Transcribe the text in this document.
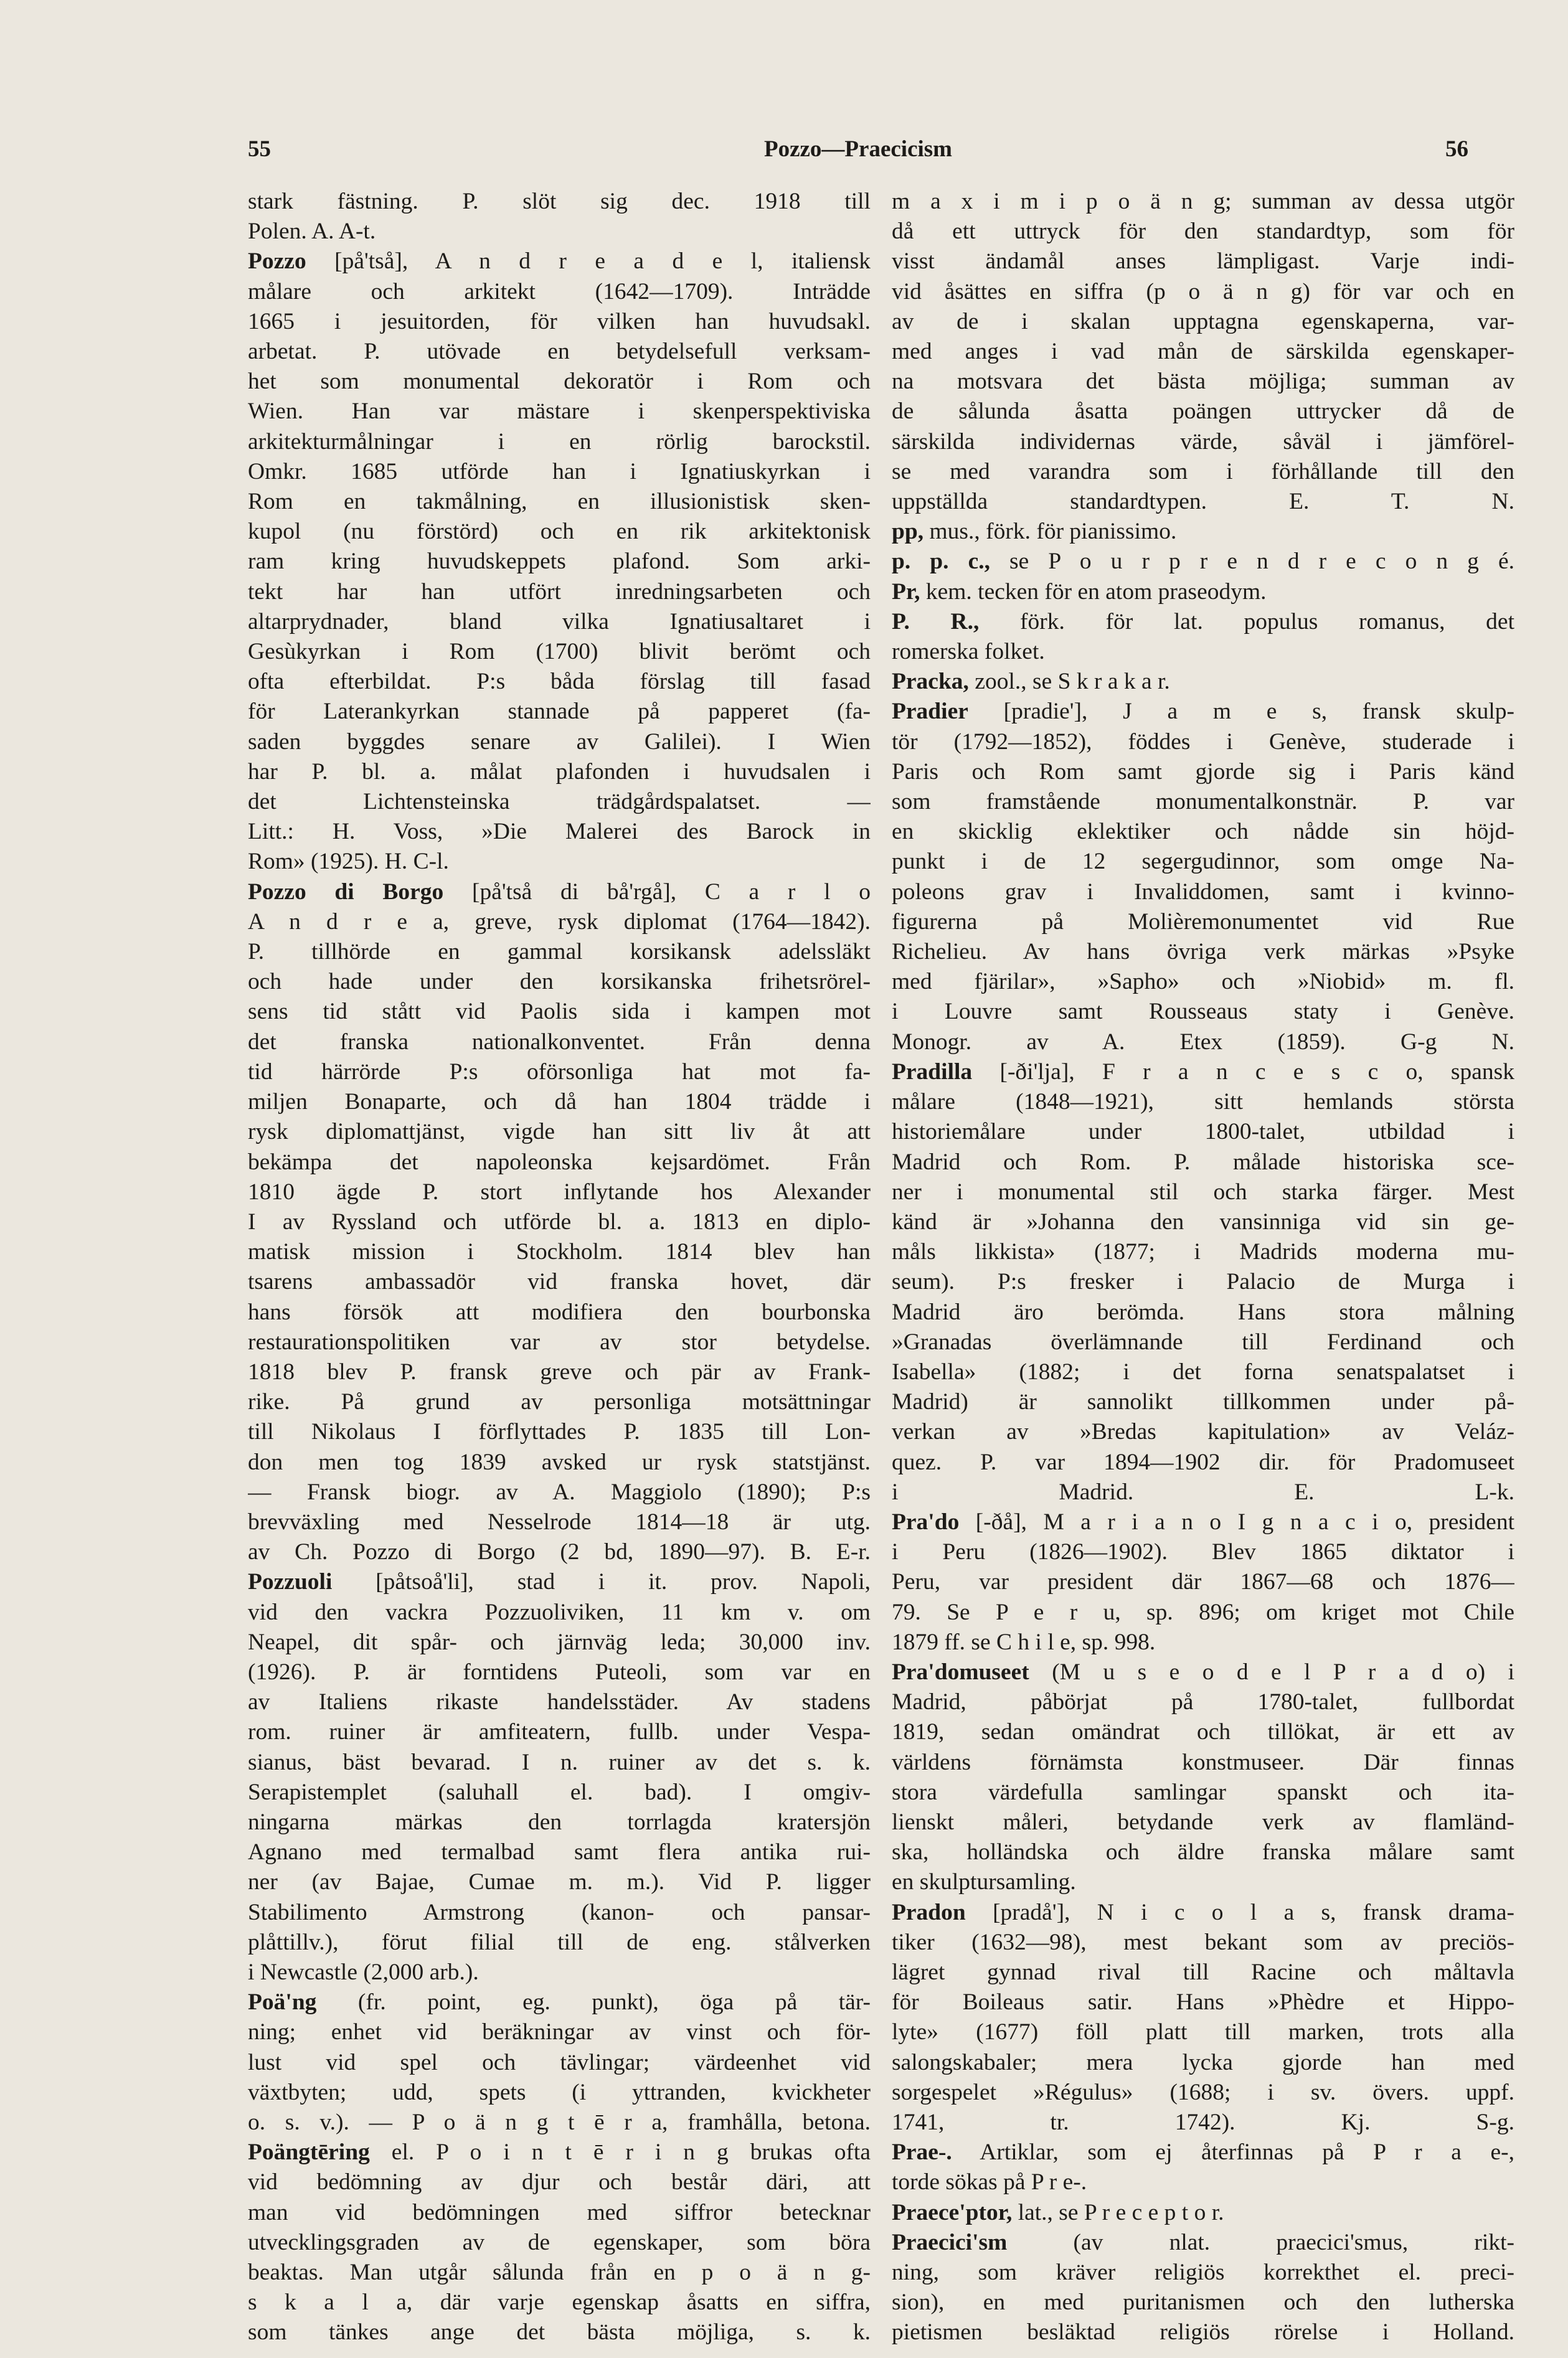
55	Pozzo—Praecicism	56
stark fästning. P. slöt sig dec. 1918 till
Polen. A. A-t.
Pozzo [på'tså], A n d r e a d e l, italiensk
målare och arkitekt (1642—1709). Inträdde
1665 i jesuitorden, för vilken han huvudsakl.
arbetat. P. utövade en betydelsefull verksam-
het som monumental dekoratör i Rom och
Wien. Han var mästare i skenperspektiviska
arkitekturmålningar i en rörlig barockstil.
Omkr. 1685 utförde han i Ignatiuskyrkan i
Rom en takmålning, en illusionistisk sken-
kupol (nu förstörd) och en rik arkitektonisk
ram kring huvudskeppets plafond. Som arki-
tekt har han utfört inredningsarbeten och
altarprydnader, bland vilka Ignatiusaltaret i
Gesùkyrkan i Rom (1700) blivit berömt och
ofta efterbildat. P:s båda förslag till fasad
för Laterankyrkan stannade på papperet (fa-
saden byggdes senare av Galilei). I Wien
har P. bl. a. målat plafonden i huvudsalen i
det Lichtensteinska trädgårdspalatset. —
Litt.: H. Voss, »Die Malerei des Barock in
Rom» (1925). H. C-l.
Pozzo di Borgo [på'tså di bå'rgå], C a r l o
A n d r e a, greve, rysk diplomat (1764—1842).
P. tillhörde en gammal korsikansk adelssläkt
och hade under den korsikanska frihetsrörel-
sens tid stått vid Paolis sida i kampen mot
det franska nationalkonventet. Från denna
tid härrörde P:s oförsonliga hat mot fa-
miljen Bonaparte, och då han 1804 trädde i
rysk diplomattjänst, vigde han sitt liv åt att
bekämpa det napoleonska kejsardömet. Från
1810 ägde P. stort inflytande hos Alexander
I av Ryssland och utförde bl. a. 1813 en diplo-
matisk mission i Stockholm. 1814 blev han
tsarens ambassadör vid franska hovet, där
hans försök att modifiera den bourbonska
restaurationspolitiken var av stor betydelse.
1818 blev P. fransk greve och pär av Frank-
rike. På grund av personliga motsättningar
till Nikolaus I förflyttades P. 1835 till Lon-
don men tog 1839 avsked ur rysk statstjänst.
— Fransk biogr. av A. Maggiolo (1890); P:s
brevväxling med Nesselrode 1814—18 är utg.
av Ch. Pozzo di Borgo (2 bd, 1890—97). B. E-r.
Pozzuoli [påtsoå'li], stad i it. prov. Napoli,
vid den vackra Pozzuoliviken, 11 km v. om
Neapel, dit spår- och järnväg leda; 30,000 inv.
(1926). P. är forntidens Puteoli, som var en
av Italiens rikaste handelsstäder. Av stadens
rom. ruiner är amfiteatern, fullb. under Vespa-
sianus, bäst bevarad. I n. ruiner av det s. k.
Serapistemplet (saluhall el. bad). I omgiv-
ningarna märkas den torrlagda kratersjön
Agnano med termalbad samt flera antika rui-
ner (av Bajae, Cumae m. m.). Vid P. ligger
Stabilimento Armstrong (kanon- och pansar-
plåttillv.), förut filial till de eng. stålverken
i Newcastle (2,000 arb.).
Poä'ng (fr. point, eg. punkt), öga på tär-
ning; enhet vid beräkningar av vinst och för-
lust vid spel och tävlingar; värdeenhet vid
växtbyten; udd, spets (i yttranden, kvickheter
o. s. v.). — P o ä n g t ē r a, framhålla, betona.
Poängtēring el. P o i n t ē r i n g brukas ofta
vid bedömning av djur och består däri, att
man vid bedömningen med siffror betecknar
utvecklingsgraden av de egenskaper, som böra
beaktas. Man utgår sålunda från en p o ä n g-
s k a l a, där varje egenskap åsatts en siffra,
som tänkes ange det bästa möjliga, s. k.
m a x i m i p o ä n g; summan av dessa utgör
då ett uttryck för den standardtyp, som för
visst ändamål anses lämpligast. Varje indi-
vid åsättes en siffra (p o ä n g) för var och en
av de i skalan upptagna egenskaperna, var-
med anges i vad mån de särskilda egenskaper-
na motsvara det bästa möjliga; summan av
de sålunda åsatta poängen uttrycker då de
särskilda individernas värde, såväl i jämförel-
se med varandra som i förhållande till den
uppställda standardtypen. E. T. N.
pp, mus., förk. för pianissimo.
p. p. c., se P o u r p r e n d r e c o n g é.
Pr, kem. tecken för en atom praseodym.
P. R., förk. för lat. populus romanus, det
romerska folket.
Pracka, zool., se S k r a k a r.
Pradier [pradie'], J a m e s, fransk skulp-
tör (1792—1852), föddes i Genève, studerade i
Paris och Rom samt gjorde sig i Paris känd
som framstående monumentalkonstnär. P. var
en skicklig eklektiker och nådde sin höjd-
punkt i de 12 segergudinnor, som omge Na-
poleons grav i Invaliddomen, samt i kvinno-
figurerna på Molièremonumentet vid Rue
Richelieu. Av hans övriga verk märkas »Psyke
med fjärilar», »Sapho» och »Niobid» m. fl.
i Louvre samt Rousseaus staty i Genève.
Monogr. av A. Etex (1859). G-g N.
Pradilla [-ði'lja], F r a n c e s c o, spansk
målare (1848—1921), sitt hemlands största
historiemålare under 1800-talet, utbildad i
Madrid och Rom. P. målade historiska sce-
ner i monumental stil och starka färger. Mest
känd är »Johanna den vansinniga vid sin ge-
måls likkista» (1877; i Madrids moderna mu-
seum). P:s fresker i Palacio de Murga i
Madrid äro berömda. Hans stora målning
»Granadas överlämnande till Ferdinand och
Isabella» (1882; i det forna senatspalatset i
Madrid) är sannolikt tillkommen under på-
verkan av »Bredas kapitulation» av Veláz-
quez. P. var 1894—1902 dir. för Pradomuseet
i Madrid. E. L-k.
Pra'do [-ðå], M a r i a n o I g n a c i o, president
i Peru (1826—1902). Blev 1865 diktator i
Peru, var president där 1867—68 och 1876—
79. Se P e r u, sp. 896; om kriget mot Chile
1879 ff. se C h i l e, sp. 998.
Pra'domuseet (M u s e o d e l P r a d o) i
Madrid, påbörjat på 1780-talet, fullbordat
1819, sedan omändrat och tillökat, är ett av
världens förnämsta konstmuseer. Där finnas
stora värdefulla samlingar spanskt och ita-
lienskt måleri, betydande verk av flamländ-
ska, holländska och äldre franska målare samt
en skulptursamling.
Pradon [pradå'], N i c o l a s, fransk drama-
tiker (1632—98), mest bekant som av preciös-
lägret gynnad rival till Racine och måltavla
för Boileaus satir. Hans »Phèdre et Hippo-
lyte» (1677) föll platt till marken, trots alla
salongskabaler; mera lycka gjorde han med
sorgespelet »Régulus» (1688; i sv. övers. uppf.
1741, tr. 1742). Kj. S-g.
Prae-. Artiklar, som ej återfinnas på P r a e-,
torde sökas på P r e-.
Praece'ptor, lat., se P r e c e p t o r.
Praecici'sm (av nlat. praecici'smus, rikt-
ning, som kräver religiös korrekthet el. preci-
sion), en med puritanismen och den lutherska
pietismen besläktad religiös rörelse i Holland.
